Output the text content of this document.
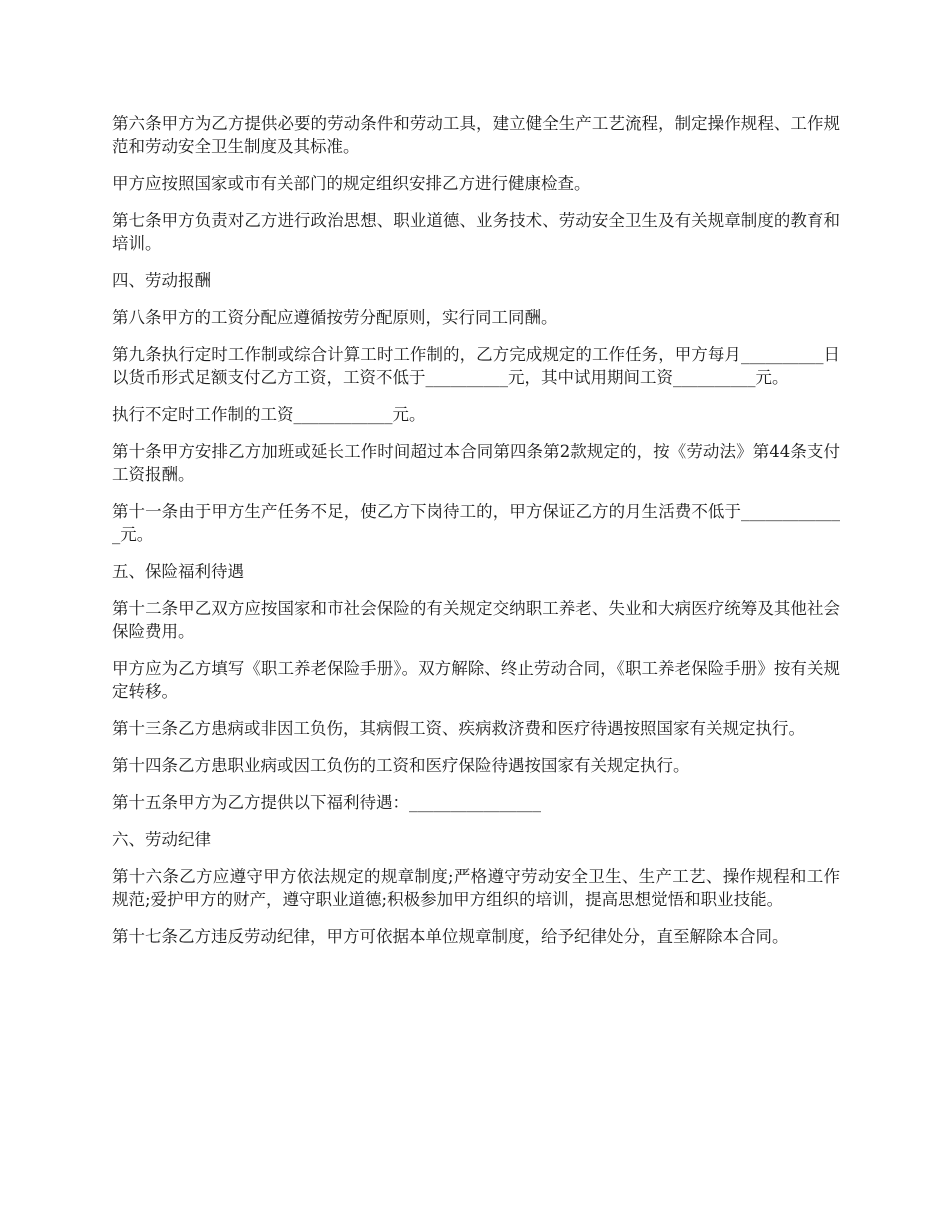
第六条甲方为乙方提供必要的劳动条件和劳动工具，建立健全生产工艺流程，制定操作规程、工作规范和劳动安全卫生制度及其标准。

甲方应按照国家或市有关部门的规定组织安排乙方进行健康检查。

第七条甲方负责对乙方进行政治思想、职业道德、业务技术、劳动安全卫生及有关规章制度的教育和培训。

四、劳动报酬

第八条甲方的工资分配应遵循按劳分配原则，实行同工同酬。

第九条执行定时工作制或综合计算工时工作制的，乙方完成规定的工作任务，甲方每月__________日以货币形式足额支付乙方工资，工资不低于__________元，其中试用期间工资__________元。

执行不定时工作制的工资____________元。

第十条甲方安排乙方加班或延长工作时间超过本合同第四条第2款规定的，按《劳动法》第44条支付工资报酬。

第十一条由于甲方生产任务不足，使乙方下岗待工的，甲方保证乙方的月生活费不低于_____________元。

五、保险福利待遇

第十二条甲乙双方应按国家和市社会保险的有关规定交纳职工养老、失业和大病医疗统筹及其他社会保险费用。

甲方应为乙方填写《职工养老保险手册》。双方解除、终止劳动合同，《职工养老保险手册》按有关规定转移。

第十三条乙方患病或非因工负伤，其病假工资、疾病救济费和医疗待遇按照国家有关规定执行。

第十四条乙方患职业病或因工负伤的工资和医疗保险待遇按国家有关规定执行。

第十五条甲方为乙方提供以下福利待遇：________________

六、劳动纪律

第十六条乙方应遵守甲方依法规定的规章制度;严格遵守劳动安全卫生、生产工艺、操作规程和工作规范;爱护甲方的财产，遵守职业道德;积极参加甲方组织的培训，提高思想觉悟和职业技能。

第十七条乙方违反劳动纪律，甲方可依据本单位规章制度，给予纪律处分，直至解除本合同。
